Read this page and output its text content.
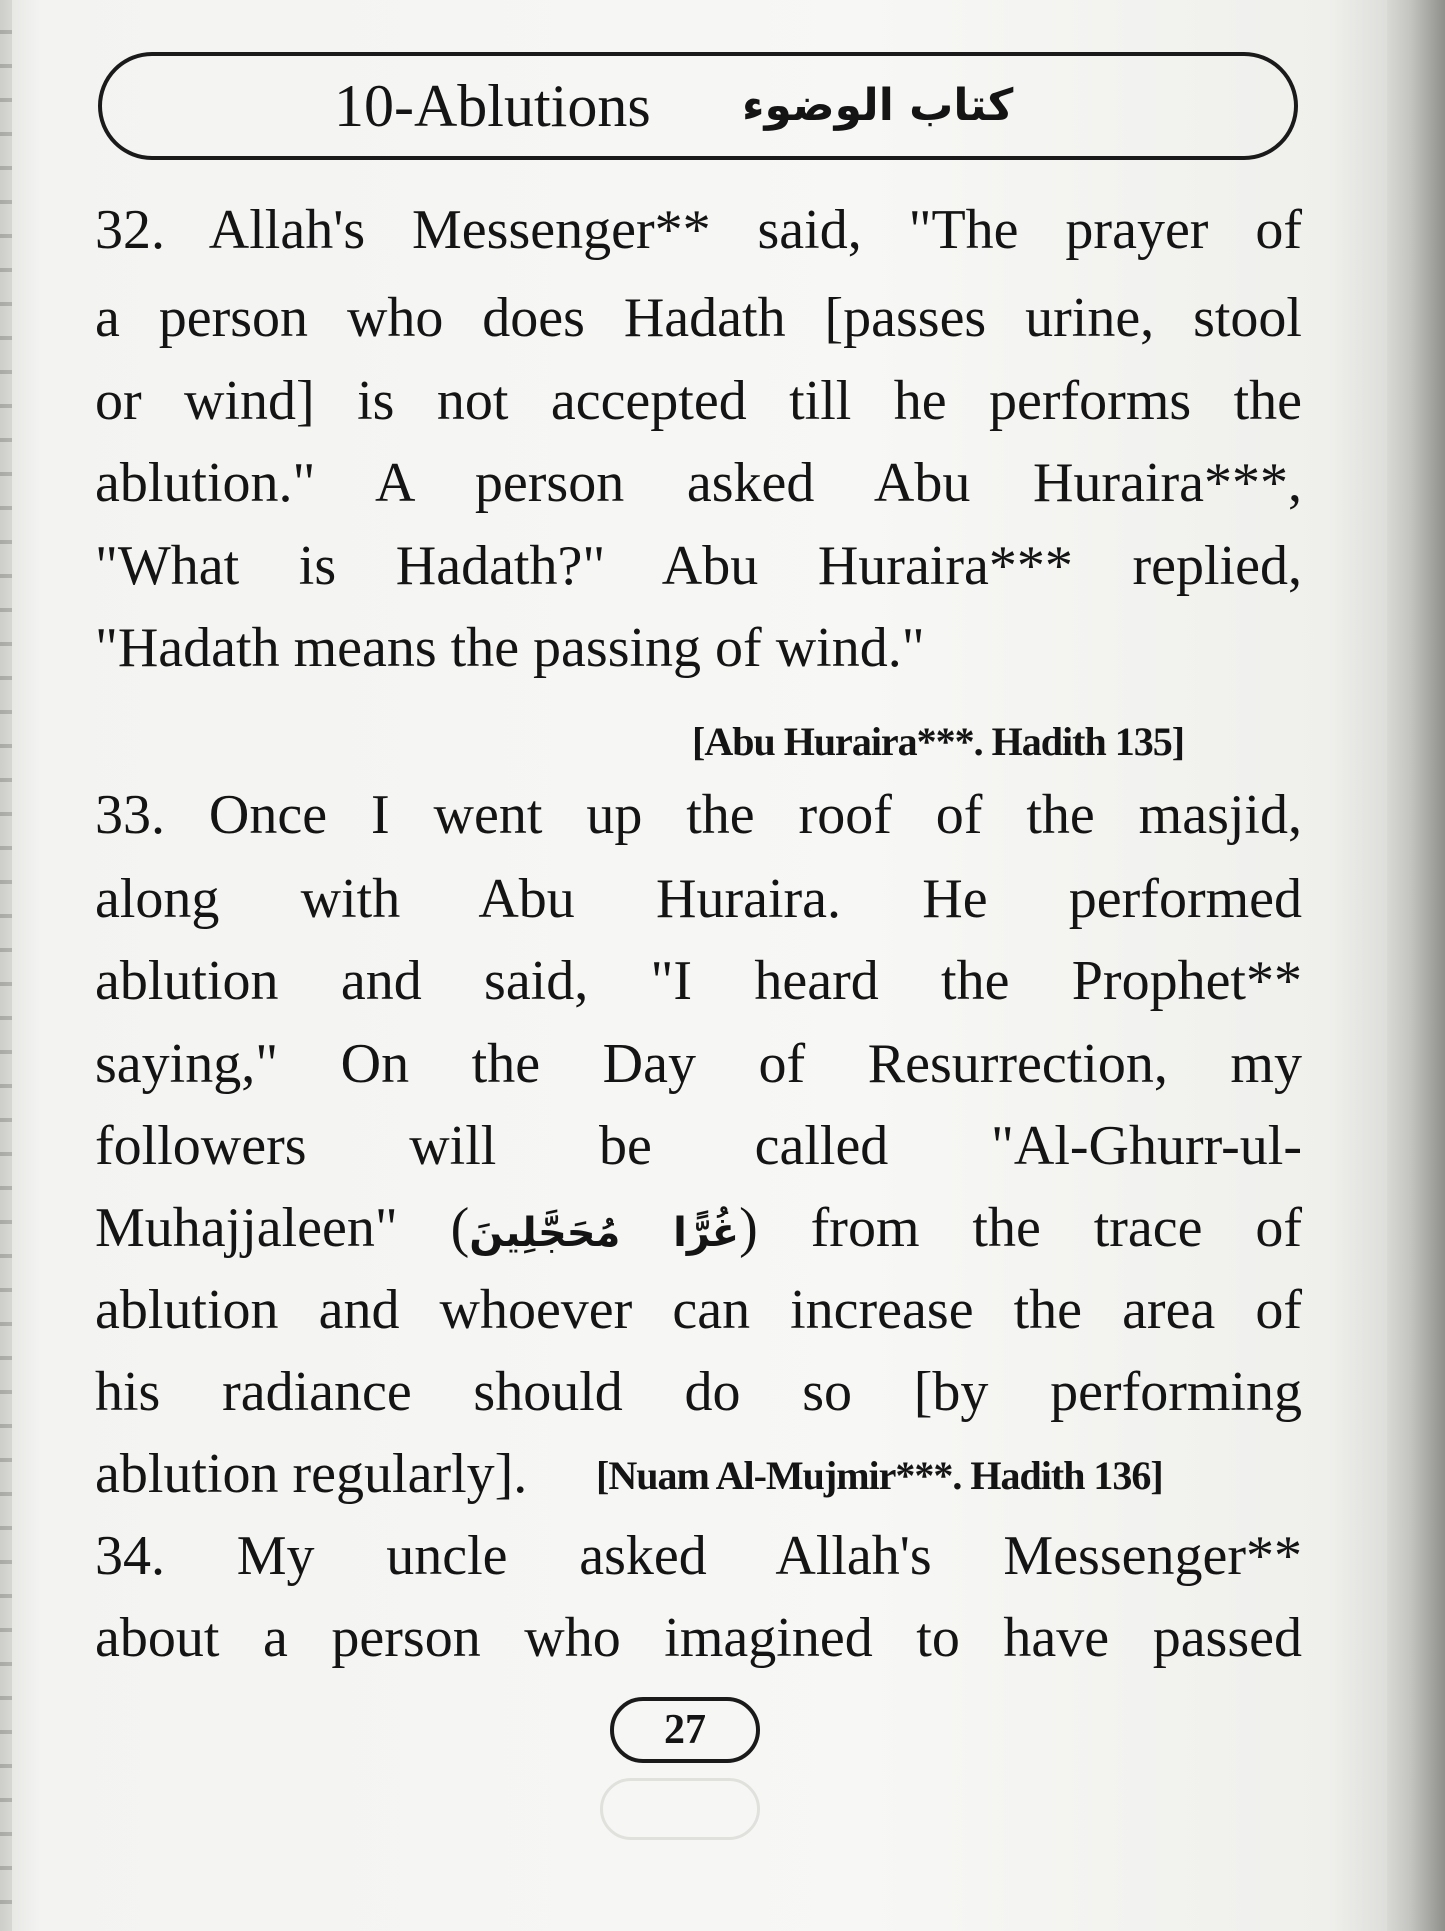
10-Ablutions كتاب الوضوء
32. Allah's Messenger** said, "The prayer of
a person who does Hadath [passes urine, stool
or wind] is not accepted till he performs the
ablution." A person asked Abu Huraira***,
"What is Hadath?" Abu Huraira*** replied,
"Hadath means the passing of wind."
[Abu Huraira***. Hadith 135]
33. Once I went up the roof of the masjid,
along with Abu Huraira. He performed
ablution and said, "I heard the Prophet**
saying," On the Day of Resurrection, my
followers will be called "Al-Ghurr-ul-
Muhajjaleen" (غُرًّا مُحَجَّلِينَ) from the trace of
ablution and whoever can increase the area of
his radiance should do so [by performing
ablution regularly].	[Nuam Al-Mujmir***. Hadith 136]
34. My uncle asked Allah's Messenger**
about a person who imagined to have passed
27
